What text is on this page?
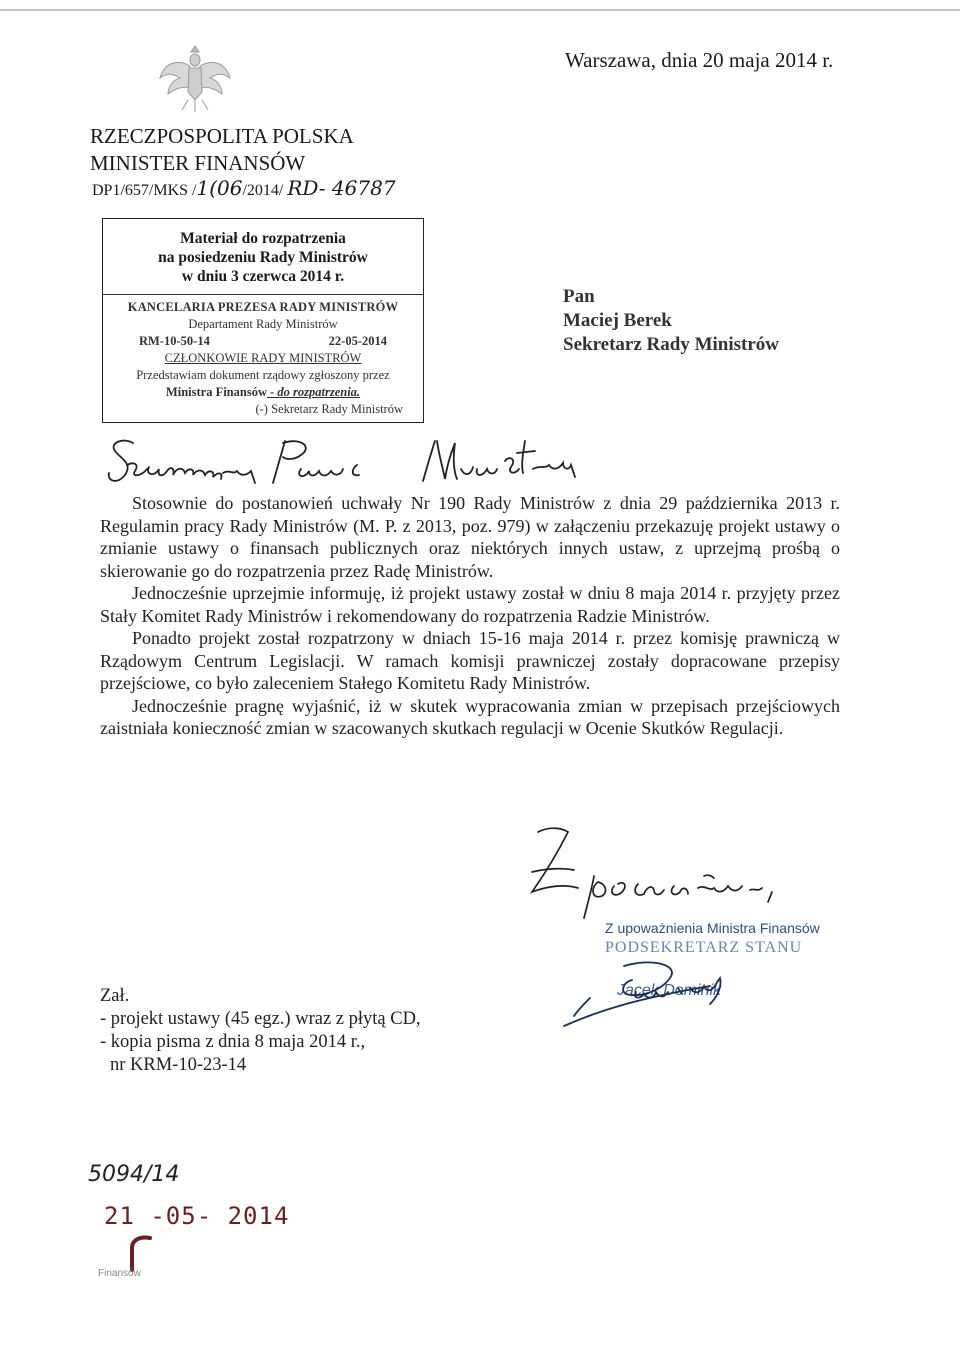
Warszawa, dnia 20 maja 2014 r.
RZECZPOSPOLITA POLSKA
MINISTER FINANSÓW
DP1/657/MKS / 1(06 /2014/ RD- 46787
Materiał do rozpatrzenia
na posiedzeniu Rady Ministrów
w dniu 3 czerwca 2014 r.
KANCELARIA PREZESA RADY MINISTRÓW
Departament Rady Ministrów
RM-10-50-14	22-05-2014
CZŁONKOWIE RADY MINISTRÓW
Przedstawiam dokument rządowy zgłoszony przez
Ministra Finansów - do rozpatrzenia.
(-) Sekretarz Rady Ministrów
Pan
Maciej Berek
Sekretarz Rady Ministrów

Stosownie do postanowień uchwały Nr 190 Rady Ministrów z dnia 29 października 2013 r. Regulamin pracy Rady Ministrów (M. P. z 2013, poz. 979) w załączeniu przekazuję projekt ustawy o zmianie ustawy o finansach publicznych oraz niektórych innych ustaw, z uprzejmą prośbą o skierowanie go do rozpatrzenia przez Radę Ministrów.

Jednocześnie uprzejmie informuję, iż projekt ustawy został w dniu 8 maja 2014 r. przyjęty przez Stały Komitet Rady Ministrów i rekomendowany do rozpatrzenia Radzie Ministrów.

Ponadto projekt został rozpatrzony w dniach 15-16 maja 2014 r. przez komisję prawniczą w Rządowym Centrum Legislacji. W ramach komisji prawniczej zostały dopracowane przepisy przejściowe, co było zaleceniem Stałego Komitetu Rady Ministrów.

Jednocześnie pragnę wyjaśnić, iż w skutek wypracowania zmian w przepisach przejściowych zaistniała konieczność zmian w szacowanych skutkach regulacji w Ocenie Skutków Regulacji.

Z upoważnienia Ministra Finansów
PODSEKRETARZ STANU
Jacek Dominik
Zał.
- projekt ustawy (45 egz.) wraz z płytą CD,
- kopia pisma z dnia 8 maja 2014 r.,
nr KRM-10-23-14
5094/14
21 -05- 2014
Finansów
